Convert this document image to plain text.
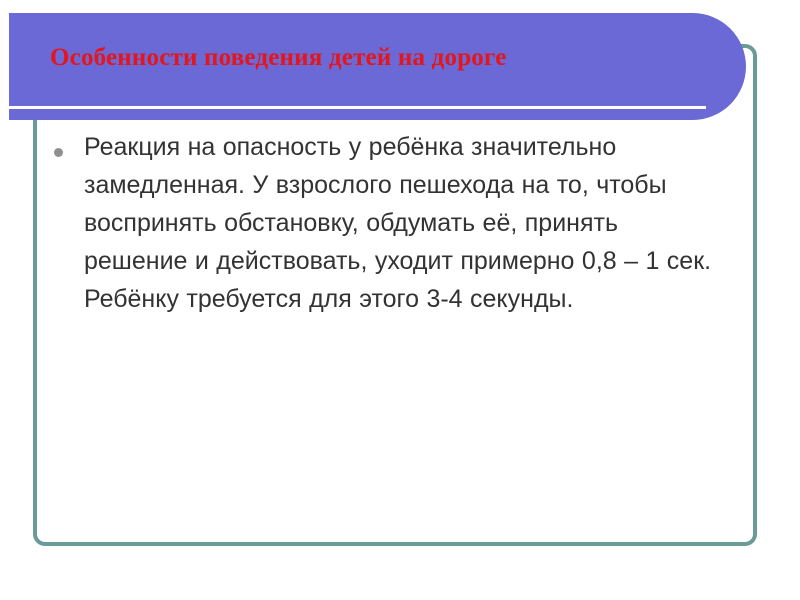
Особенности поведения детей на дороге
Реакция на опасность у ребёнка значительно замедленная. У взрослого пешехода на то, чтобы воспринять обстановку, обдумать её, принять решение и действовать, уходит примерно 0,8 – 1 сек. Ребёнку требуется для этого 3-4 секунды.
